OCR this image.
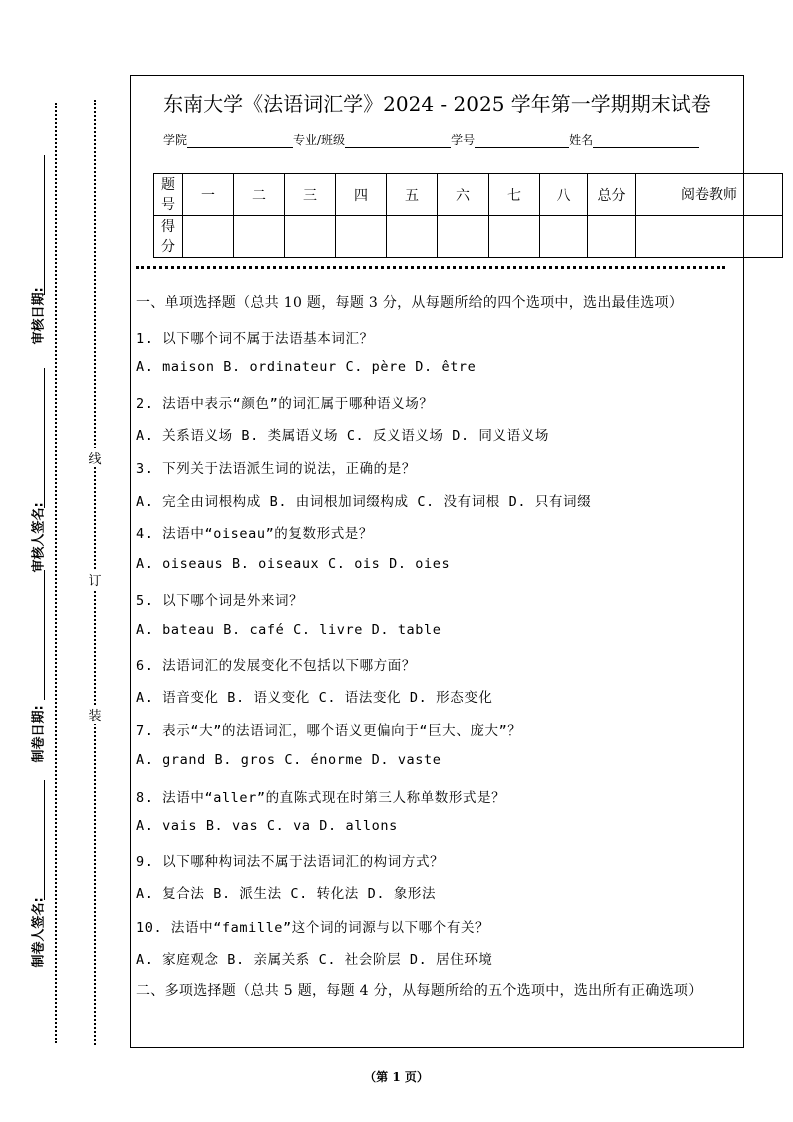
审核日期:
审核人签名:
制卷日期:
制卷人签名:
线
订
装
东南大学《法语词汇学》2024 - 2025 学年第一学期期末试卷
学院	专业/班级	学号	姓名
题号	一	二	三	四	五	六	七	八	总分	阅卷教师
得分										
一、单项选择题（总共 10 题，每题 3 分，从每题所给的四个选项中，选出最佳选项）
1. 以下哪个词不属于法语基本词汇？
A. maison B. ordinateur C. père D. être
2. 法语中表示“颜色”的词汇属于哪种语义场？
A. 关系语义场 B. 类属语义场 C. 反义语义场 D. 同义语义场
3. 下列关于法语派生词的说法，正确的是？
A. 完全由词根构成 B. 由词根加词缀构成 C. 没有词根 D. 只有词缀
4. 法语中“oiseau”的复数形式是？
A. oiseaus B. oiseaux C. ois D. oies
5. 以下哪个词是外来词？
A. bateau B. café C. livre D. table
6. 法语词汇的发展变化不包括以下哪方面？
A. 语音变化 B. 语义变化 C. 语法变化 D. 形态变化
7. 表示“大”的法语词汇，哪个语义更偏向于“巨大、庞大”？
A. grand B. gros C. énorme D. vaste
8. 法语中“aller”的直陈式现在时第三人称单数形式是？
A. vais B. vas C. va D. allons
9. 以下哪种构词法不属于法语词汇的构词方式？
A. 复合法 B. 派生法 C. 转化法 D. 象形法
10. 法语中“famille”这个词的词源与以下哪个有关？
A. 家庭观念 B. 亲属关系 C. 社会阶层 D. 居住环境
二、多项选择题（总共 5 题，每题 4 分，从每题所给的五个选项中，选出所有正确选项）
（第 1 页）
